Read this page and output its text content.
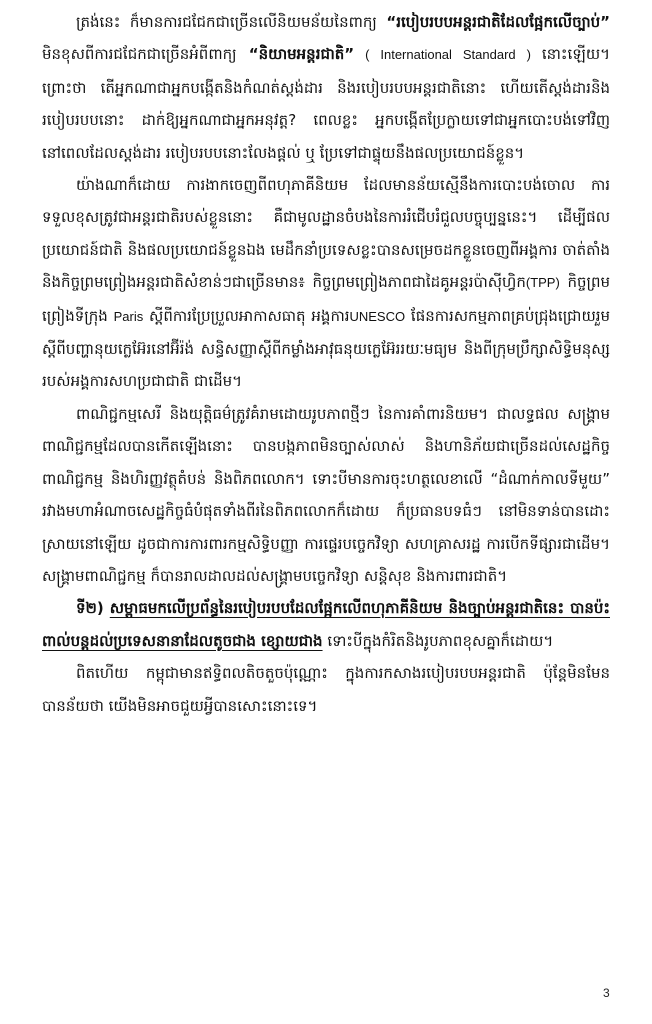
ត្រង់នេះ ក៏មានការជជែកជាច្រើនលើនិយមន័យនៃពាក្យ “របៀបរបបអន្តរជាតិដែលផ្អែកលើច្បាប់” មិនខុសពីការជជែកជាច្រើនអំពីពាក្យ “និយាមអន្តរជាតិ” ( International Standard ) នោះឡើយ។ ព្រោះថា តើអ្នកណាជាអ្នកបង្កើតនិងកំណត់ស្តង់ដារ និងរបៀបរបបអន្តរជាតិនោះ ហើយតើស្តង់ដារនិងរបៀបរបបនោះ ដាក់ឱ្យអ្នកណាជាអ្នកអនុវត្ត? ពេលខ្លះ អ្នកបង្កើតប្រែក្លាយទៅជាអ្នកបោះបង់ទៅវិញ នៅពេលដែលស្តង់ដារ របៀបរបបនោះលែងផ្តល់ ឬ ប្រែទៅជាផ្ទុយនឹងផលប្រយោជន៍ខ្លួន។

យ៉ាងណាក៏ដោយ ការងាកចេញពីពហុភាគីនិយម ដែលមានន័យស្មើនឹងការបោះបង់ចោល ការទទួលខុសត្រូវជាអន្តរជាតិរបស់ខ្លួននោះ គឺជាមូលដ្ឋានចំបងនៃការរំជើបរំជួលបច្ចុប្បន្ននេះ។ ដើម្បីផលប្រយោជន៍ជាតិ និងផលប្រយោជន៍ខ្លួនឯង មេដឹកនាំប្រទេសខ្លះបានសម្រេចដកខ្លួនចេញពីអង្គការ ចាត់តាំង និងកិច្ចព្រមព្រៀងអន្តរជាតិសំខាន់ៗជាច្រើនមាន៖ កិច្ចព្រមព្រៀងភាពជាដៃគូអន្តរប៉ាស៊ីហ្វិក(TPP) កិច្ចព្រមព្រៀងទីក្រុង Paris ស្តីពីការប្រែប្រួលអាកាសធាតុ អង្គការUNESCO ផែនការសកម្មភាពគ្រប់ជ្រុងជ្រោយរួមស្តីពីបញ្ហានុយក្លេអ៊ែរនៅអ៊ីរ៉ង់ សន្ធិសញ្ញាស្តីពីកម្លាំងអាវុធនុយក្លេអ៊ែររយៈមធ្យម និងពីក្រុមប្រឹក្សាសិទ្ធិមនុស្សរបស់អង្គការសហប្រជាជាតិ ជាដើម។

ពាណិជ្ជកម្មសេរី និងយុត្តិធម៌ត្រូវគំរាមដោយរូបភាពថ្មីៗ នៃការគាំពារនិយម។ ជាលទ្ធផល សង្គ្រាមពាណិជ្ជកម្មដែលបានកើតឡើងនោះ បានបង្កភាពមិនច្បាស់លាស់ និងហានិភ័យជាច្រើនដល់សេដ្ឋកិច្ច ពាណិជ្ជកម្ម និងហិរញ្ញវត្ថុតំបន់ និងពិភពលោក។ ទោះបីមានការចុះហត្ថលេខាលើ “ដំណាក់កាលទីមួយ” រវាងមហាអំណាចសេដ្ឋកិច្ចធំបំផុតទាំងពីរនៃពិភពលោកក៏ដោយ ក៏ប្រធានបទធំៗ នៅមិនទាន់បានដោះស្រាយនៅឡើយ ដូចជាការការពារកម្មសិទ្ធិបញ្ញា ការផ្ទេរបច្ចេកវិទ្យា សហគ្រាសរដ្ឋ ការបើកទីផ្សារជាដើម។ សង្គ្រាមពាណិជ្ជកម្ម ក៏បានរាលដាលដល់សង្គ្រាមបច្ចេកវិទ្យា សន្តិសុខ និងការពារជាតិ។

ទី២) សម្ពាធមកលើប្រព័ន្ធនៃរបៀបរបបដែលផ្អែកលើពហុភាគីនិយម និងច្បាប់អន្តរជាតិនេះ បានប៉ះពាល់បន្តដល់ប្រទេសនានាដែលតូចជាង ខ្សោយជាង ទោះបីក្នុងកំរិតនិងរូបភាពខុសគ្នាក៏ដោយ។

ពិតហើយ កម្ពុជាមានឥទ្ធិពលតិចតួចប៉ុណ្ណោះ ក្នុងការកសាងរបៀបរបបអន្តរជាតិ ប៉ុន្តែមិនមែនបានន័យថា យើងមិនអាចជួយអ្វីបានសោះនោះទេ។

3
